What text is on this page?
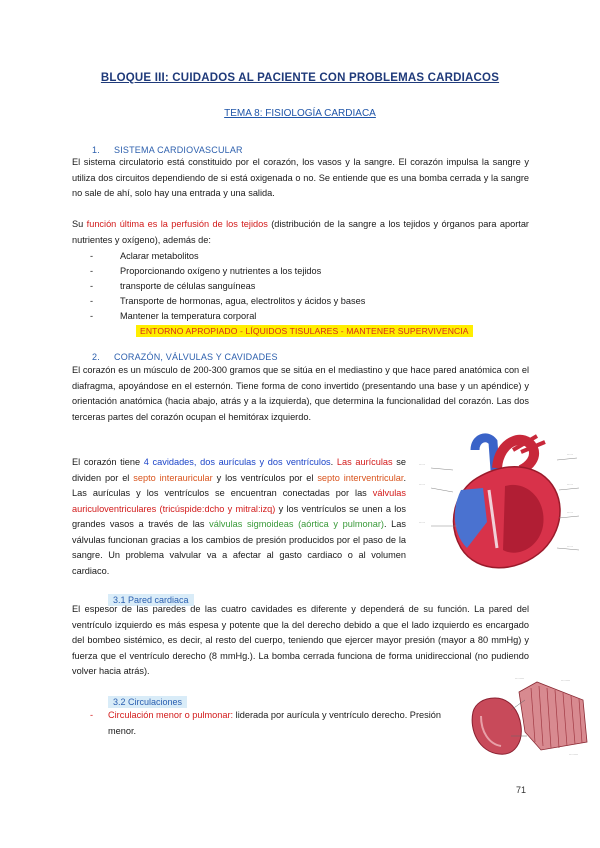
BLOQUE III: CUIDADOS AL PACIENTE CON PROBLEMAS CARDIACOS
TEMA 8: FISIOLOGÍA CARDIACA
1. SISTEMA CARDIOVASCULAR
El sistema circulatorio está constituido por el corazón, los vasos y la sangre. El corazón impulsa la sangre y utiliza dos circuitos dependiendo de si está oxigenada o no. Se entiende que es una bomba cerrada y la sangre no sale de ahí, solo hay una entrada y una salida.
Su función última es la perfusión de los tejidos (distribución de la sangre a los tejidos y órganos para aportar nutrientes y oxígeno), además de:
- Aclarar metabolitos
- Proporcionando oxígeno y nutrientes a los tejidos
- transporte de células sanguíneas
- Transporte de hormonas, agua, electrolitos y ácidos y bases
- Mantener la temperatura corporal
ENTORNO APROPIADO - LÍQUIDOS TISULARES - MANTENER SUPERVIVENCIA
2. CORAZÓN, VÁLVULAS Y CAVIDADES
El corazón es un músculo de 200-300 gramos que se sitúa en el mediastino y que hace pared anatómica con el diafragma, apoyándose en el esternón. Tiene forma de cono invertido (presentando una base y un apéndice) y orientación anatómica (hacia abajo, atrás y a la izquierda), que determina la funcionalidad del corazón. Las dos terceras partes del corazón ocupan el hemitórax izquierdo.
El corazón tiene 4 cavidades, dos aurículas y dos ventrículos. Las aurículas se dividen por el septo interauricular y los ventrículos por el septo interventricular. Las aurículas y los ventrículos se encuentran conectadas por las válvulas auriculoventriculares (tricúspide:dcho y mitral:izq) y los ventrículos se unen a los grandes vasos a través de las válvulas sigmoideas (aórtica y pulmonar). Las válvulas funcionan gracias a los cambios de presión producidos por el paso de la sangre. Un problema valvular va a afectar al gasto cardiaco o al volumen cardiaco.
·····
·····
·····
·····
·····
·····
·····
3.1 Pared cardiaca
El espesor de las paredes de las cuatro cavidades es diferente y dependerá de su función. La pared del ventrículo izquierdo es más espesa y potente que la del derecho debido a que el lado izquierdo es encargado del bombeo sistémico, es decir, al resto del cuerpo, teniendo que ejercer mayor presión (mayor a 80 mmHg) y fuerza que el ventrículo derecho (8 mmHg.). La bomba cerrada funciona de forma unidireccional (no pudiendo volver hacia atrás).
3.2 Circulaciones
- Circulación menor o pulmonar: liderada por aurícula y ventrículo derecho. Presión menor.
········	········
········
71
